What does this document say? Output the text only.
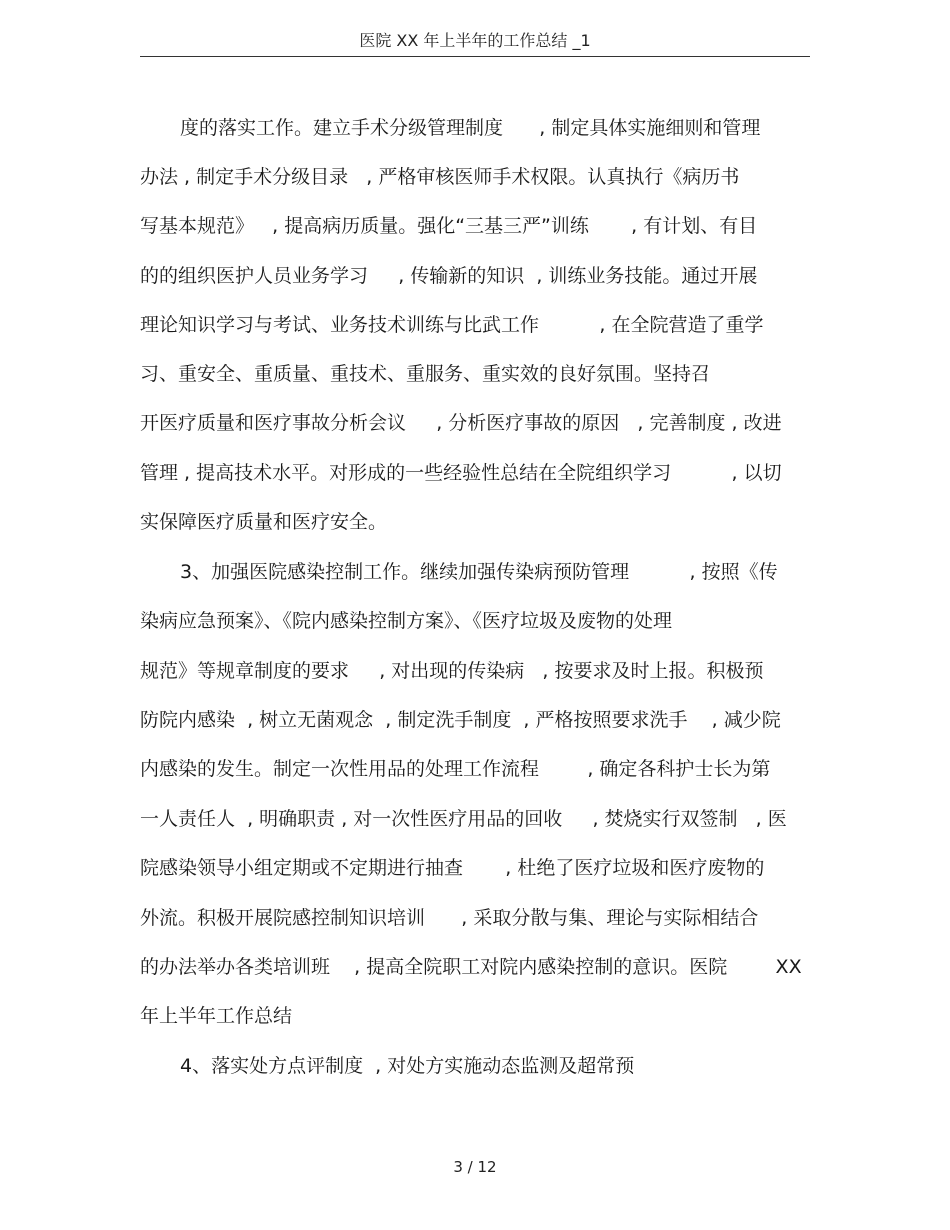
医院 XX 年上半年的工作总结 _1
度的落实工作。建立手术分级管理制度      , 制定具体实施细则和管理
办法 , 制定手术分级目录   , 严格审核医师手术权限。认真执行《病历书
写基本规范》   , 提高病历质量。强化“三基三严”训练       , 有计划、有目
的的组织医护人员业务学习     , 传输新的知识  , 训练业务技能。通过开展
理论知识学习与考试、业务技术训练与比武工作          , 在全院营造了重学
习、重安全、重质量、重技术、重服务、重实效的良好氛围。坚持召
开医疗质量和医疗事故分析会议     , 分析医疗事故的原因   , 完善制度 , 改进
管理 , 提高技术水平。对形成的一些经验性总结在全院组织学习          , 以切
实保障医疗质量和医疗安全。
3、加强医院感染控制工作。继续加强传染病预防管理          , 按照《传
染病应急预案》、《院内感染控制方案》、《医疗垃圾及废物的处理
规范》等规章制度的要求     , 对出现的传染病   , 按要求及时上报。积极预
防院内感染  , 树立无菌观念  , 制定洗手制度  , 严格按照要求洗手    , 减少院
内感染的发生。制定一次性用品的处理工作流程        , 确定各科护士长为第
一人责任人  , 明确职责 , 对一次性医疗用品的回收     , 焚烧实行双签制   , 医
院感染领导小组定期或不定期进行抽查       , 杜绝了医疗垃圾和医疗废物的
外流。积极开展院感控制知识培训      , 采取分散与集、理论与实际相结合
的办法举办各类培训班    , 提高全院职工对院内感染控制的意识。医院        XX
年上半年工作总结
4、落实处方点评制度  , 对处方实施动态监测及超常预
3 / 12
